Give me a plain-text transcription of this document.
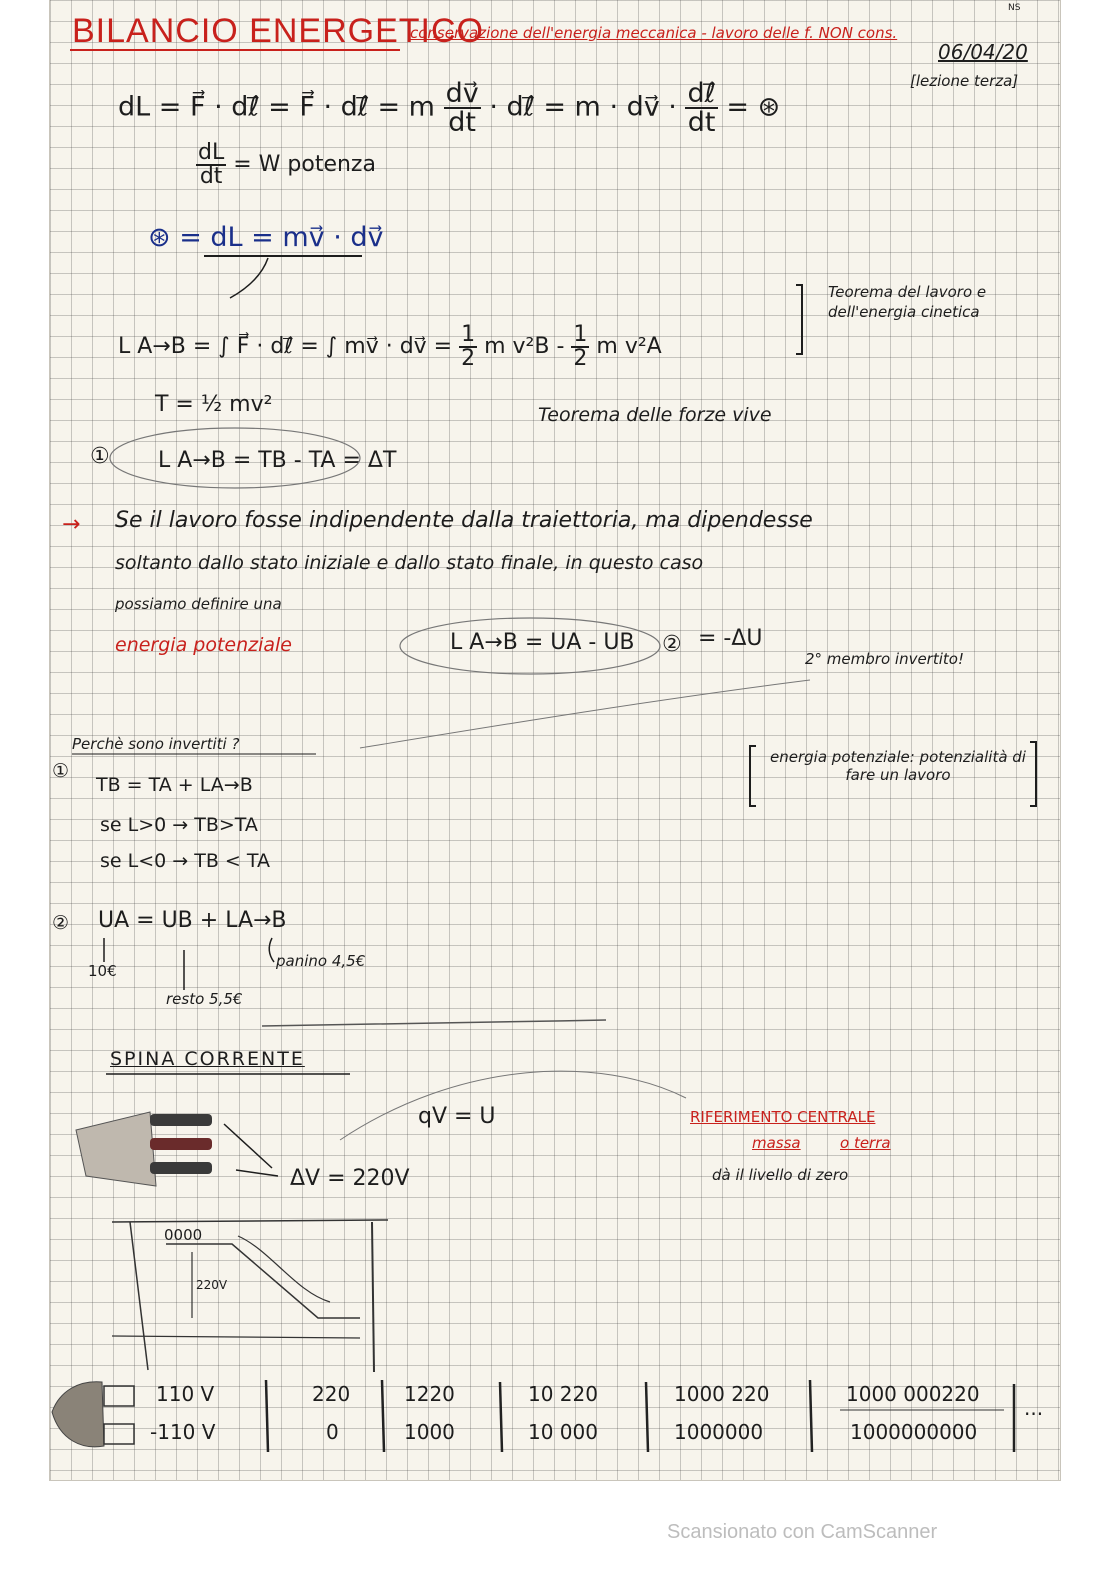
BILANCIO ENERGETICO
conservazione dell'energia meccanica - lavoro delle f. NON cons.
06/04/20
[lezione terza]
NS
dL = F⃗ · dℓ⃗ = F⃗ · dℓ⃗ = m $\frac{dv⃗}{dt}$ · dℓ⃗ = m · dv⃗ · $\frac{\text{dℓ⃗}}{dt}$ = ⊛
$\frac{dL}{dt} = W$ potenza
⊛ = dL = mv⃗ · dv⃗
L A→B = ∫ F⃗ · dℓ⃗ = ∫ mv⃗ · dv⃗ = $\frac{1}{2}$ m $v^2B - \frac{1}{2}$ m v²A
Teorema del lavoro e dell'energia cinetica
T = ½ mv²	Teorema delle forze vive
① L A→B = TB - TA = ΔT
→ Se il lavoro fosse indipendente dalla traiettoria, ma dipendesse
soltanto dallo stato iniziale e dallo stato finale, in questo caso
possiamo definire una
energia potenziale	L A→B = UA - UB ② = -ΔU
2° membro invertito!
Perchè sono invertiti ?
energia potenziale: potenzialità di fare un lavoro
①
TB = TA + LA→B
se L>0 → TB>TA
se L<0 → TB < TA
② UA = UB + LA→B
10€
resto 5,5€
panino 4,5€
SPINA CORRENTE
qV = U
ΔV = 220V
RIFERIMENTO CENTRALE
massa	o terra
dà il livello di zero
0000
220V
110 V	220	1220	10 220	1000 220	1000 000220
-110 V	0	1000	10 000	1000000	1000000000
...
Scansionato con CamScanner
